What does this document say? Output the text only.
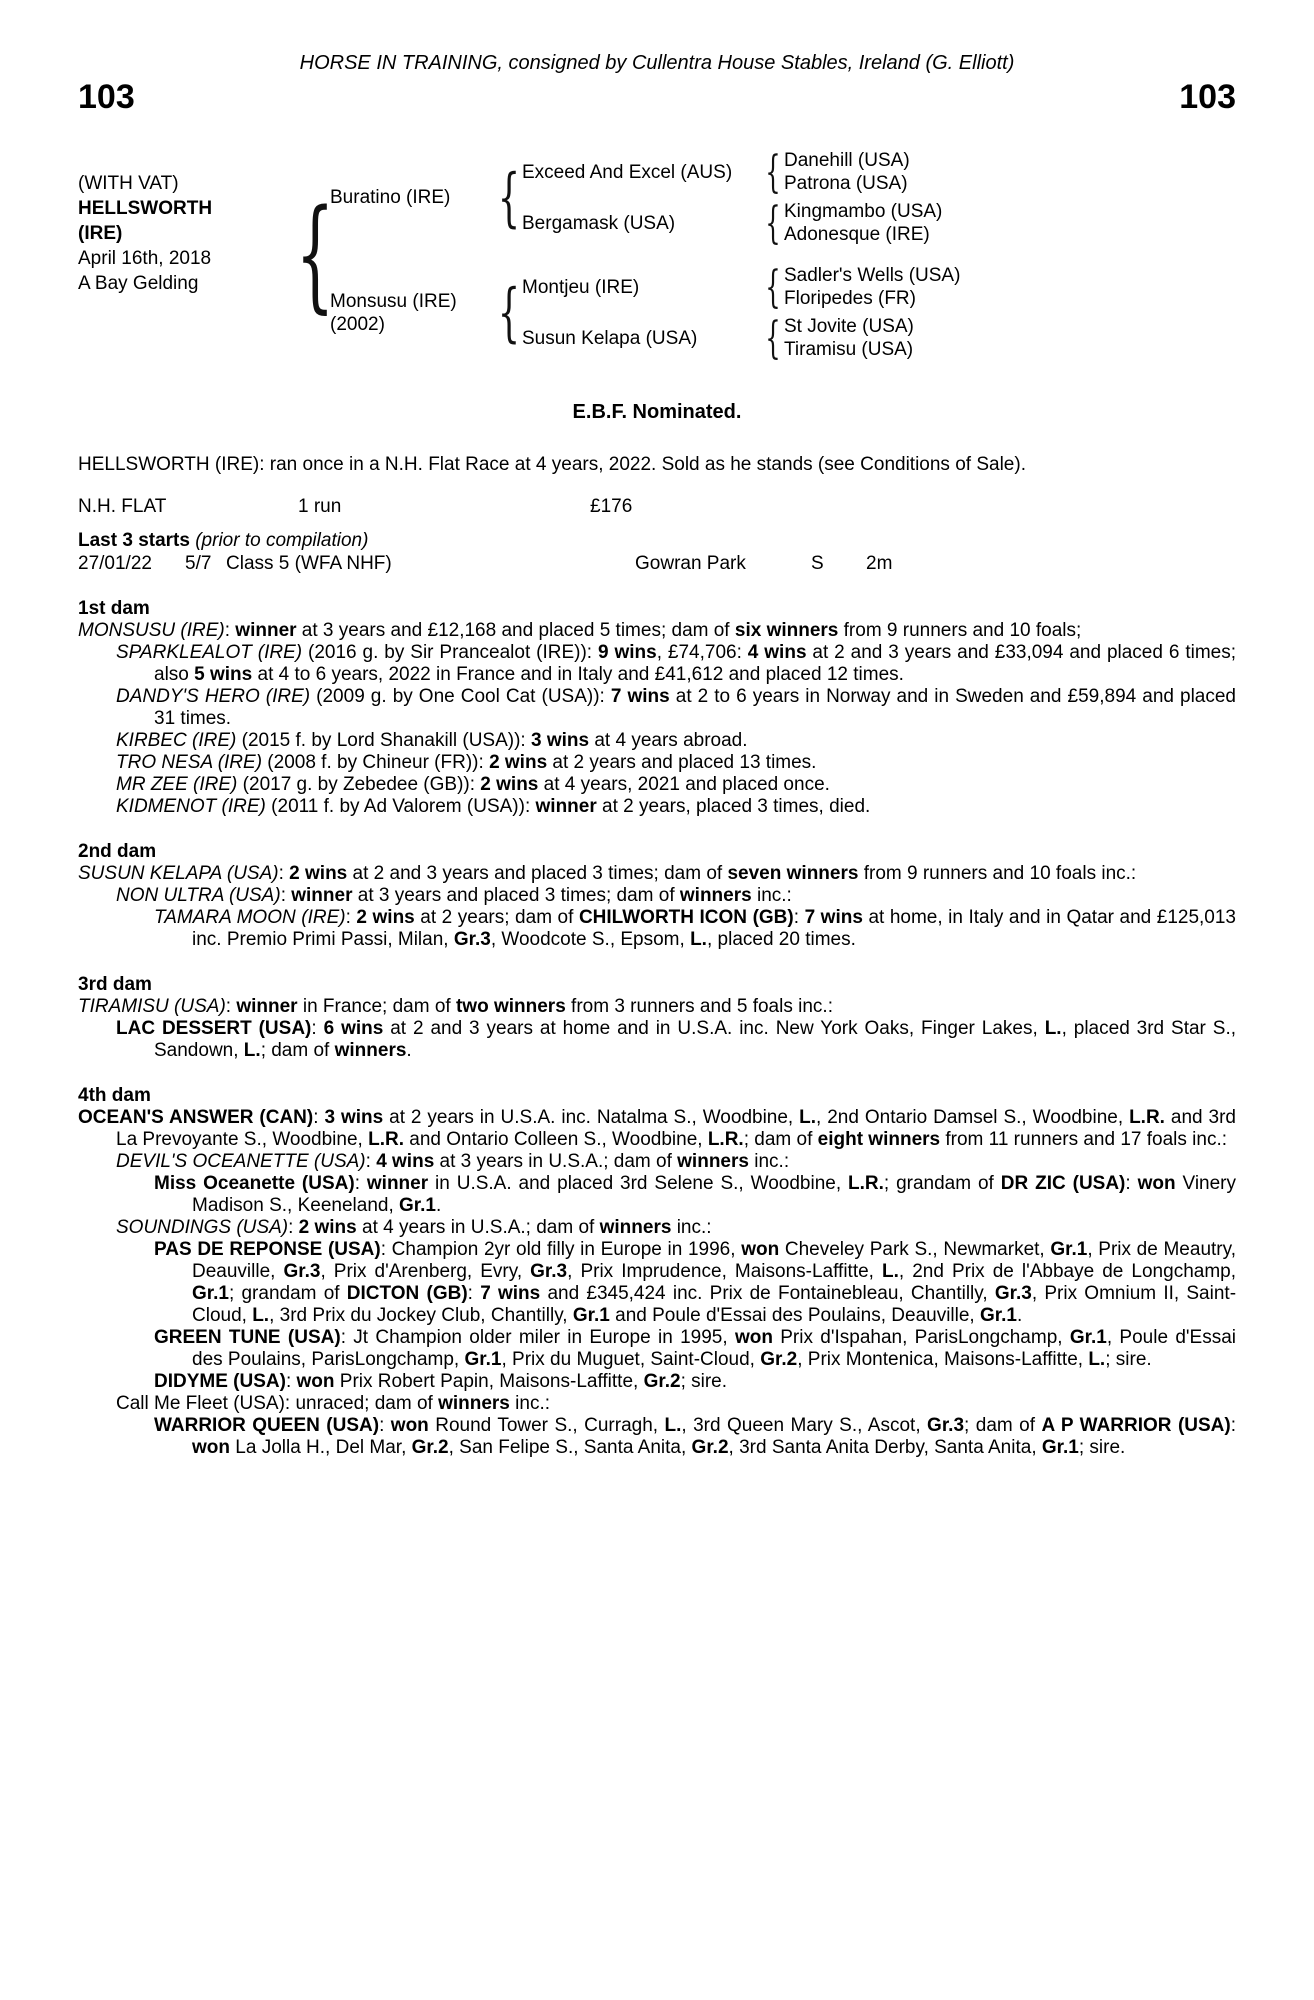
HORSE IN TRAINING, consigned by Cullentra House Stables, Ireland (G. Elliott)
103	103
(WITH VAT)
HELLSWORTH
(IRE)
April 16th, 2018
A Bay Gelding {
Buratino (IRE) { Exceed And Excel (AUS) { Danehill (USA)
Patrona (USA)
Bergamask (USA)	{ Kingmambo (USA)
Adonesque (IRE)
Monsusu (IRE)
(2002)	{ Montjeu (IRE)	{ Sadler's Wells (USA)
Floripedes (FR)
Susun Kelapa (USA)	{ St Jovite (USA)
Tiramisu (USA)
E.B.F. Nominated.
HELLSWORTH (IRE): ran once in a N.H. Flat Race at 4 years, 2022. Sold as he stands (see Conditions of Sale).
N.H. FLAT	1 run	£176
Last 3 starts (prior to compilation)
27/01/22	5/7 Class 5 (WFA NHF)	Gowran Park	S	2m
1st dam
MONSUSU (IRE): winner at 3 years and £12,168 and placed 5 times; dam of six winners from 9 runners and 10 foals;
SPARKLEALOT (IRE) (2016 g. by Sir Prancealot (IRE)): 9 wins, £74,706: 4 wins at 2 and 3 years and £33,094 and placed 6 times; also 5 wins at 4 to 6 years, 2022 in France and in Italy and £41,612 and placed 12 times.
DANDY'S HERO (IRE) (2009 g. by One Cool Cat (USA)): 7 wins at 2 to 6 years in Norway and in Sweden and £59,894 and placed 31 times.
KIRBEC (IRE) (2015 f. by Lord Shanakill (USA)): 3 wins at 4 years abroad.
TRO NESA (IRE) (2008 f. by Chineur (FR)): 2 wins at 2 years and placed 13 times.
MR ZEE (IRE) (2017 g. by Zebedee (GB)): 2 wins at 4 years, 2021 and placed once.
KIDMENOT (IRE) (2011 f. by Ad Valorem (USA)): winner at 2 years, placed 3 times, died.
2nd dam
SUSUN KELAPA (USA): 2 wins at 2 and 3 years and placed 3 times; dam of seven winners from 9 runners and 10 foals inc.:
NON ULTRA (USA): winner at 3 years and placed 3 times; dam of winners inc.:
TAMARA MOON (IRE): 2 wins at 2 years; dam of CHILWORTH ICON (GB): 7 wins at home, in Italy and in Qatar and £125,013 inc. Premio Primi Passi, Milan, Gr.3, Woodcote S., Epsom, L., placed 20 times.
3rd dam
TIRAMISU (USA): winner in France; dam of two winners from 3 runners and 5 foals inc.:
LAC DESSERT (USA): 6 wins at 2 and 3 years at home and in U.S.A. inc. New York Oaks, Finger Lakes, L., placed 3rd Star S., Sandown, L.; dam of winners.
4th dam
OCEAN'S ANSWER (CAN): 3 wins at 2 years in U.S.A. inc. Natalma S., Woodbine, L., 2nd Ontario Damsel S., Woodbine, L.R. and 3rd La Prevoyante S., Woodbine, L.R. and Ontario Colleen S., Woodbine, L.R.; dam of eight winners from 11 runners and 17 foals inc.:
DEVIL'S OCEANETTE (USA): 4 wins at 3 years in U.S.A.; dam of winners inc.:
Miss Oceanette (USA): winner in U.S.A. and placed 3rd Selene S., Woodbine, L.R.; grandam of DR ZIC (USA): won Vinery Madison S., Keeneland, Gr.1.
SOUNDINGS (USA): 2 wins at 4 years in U.S.A.; dam of winners inc.:
PAS DE REPONSE (USA): Champion 2yr old filly in Europe in 1996, won Cheveley Park S., Newmarket, Gr.1, Prix de Meautry, Deauville, Gr.3, Prix d'Arenberg, Evry, Gr.3, Prix Imprudence, Maisons-Laffitte, L., 2nd Prix de l'Abbaye de Longchamp, Gr.1; grandam of DICTON (GB): 7 wins and £345,424 inc. Prix de Fontainebleau, Chantilly, Gr.3, Prix Omnium II, Saint-Cloud, L., 3rd Prix du Jockey Club, Chantilly, Gr.1 and Poule d'Essai des Poulains, Deauville, Gr.1.
GREEN TUNE (USA): Jt Champion older miler in Europe in 1995, won Prix d'Ispahan, ParisLongchamp, Gr.1, Poule d'Essai des Poulains, ParisLongchamp, Gr.1, Prix du Muguet, Saint-Cloud, Gr.2, Prix Montenica, Maisons-Laffitte, L.; sire.
DIDYME (USA): won Prix Robert Papin, Maisons-Laffitte, Gr.2; sire.
Call Me Fleet (USA): unraced; dam of winners inc.:
WARRIOR QUEEN (USA): won Round Tower S., Curragh, L., 3rd Queen Mary S., Ascot, Gr.3; dam of A P WARRIOR (USA): won La Jolla H., Del Mar, Gr.2, San Felipe S., Santa Anita, Gr.2, 3rd Santa Anita Derby, Santa Anita, Gr.1; sire.
